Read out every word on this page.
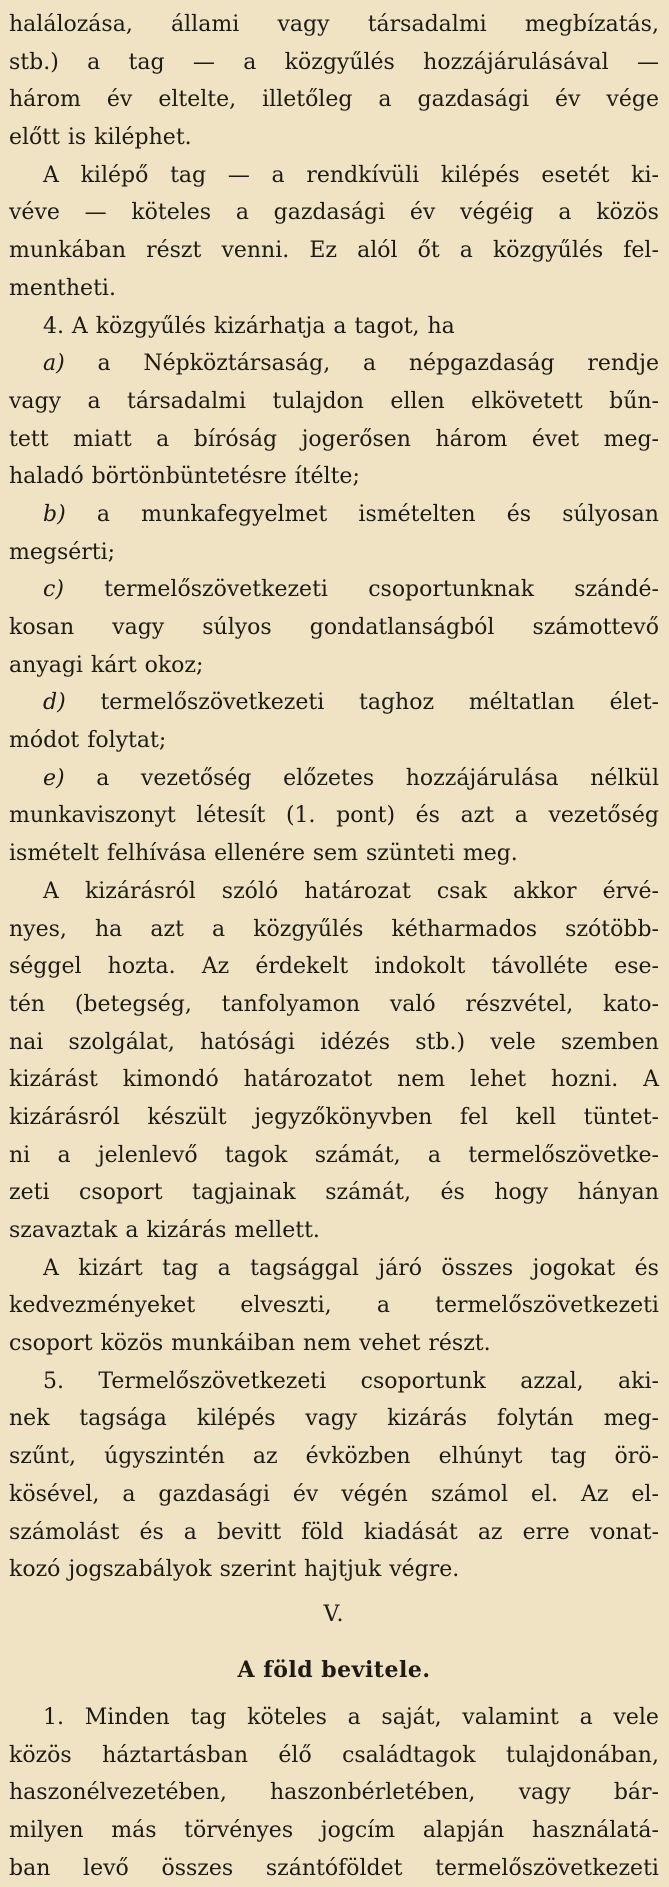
halálozása, állami vagy társadalmi megbízatás,
stb.) a tag — a közgyűlés hozzájárulásával —
három év eltelte, illetőleg a gazdasági év vége
előtt is kiléphet.
A kilépő tag — a rendkívüli kilépés esetét ki-
véve — köteles a gazdasági év végéig a közös
munkában részt venni. Ez alól őt a közgyűlés fel-
mentheti.
4. A közgyűlés kizárhatja a tagot, ha
a) a Népköztársaság, a népgazdaság rendje
vagy a társadalmi tulajdon ellen elkövetett bűn-
tett miatt a bíróság jogerősen három évet meg-
haladó börtönbüntetésre ítélte;
b) a munkafegyelmet ismételten és súlyosan
megsérti;
c) termelőszövetkezeti csoportunknak szándé-
kosan vagy súlyos gondatlanságból számottevő
anyagi kárt okoz;
d) termelőszövetkezeti taghoz méltatlan élet-
módot folytat;
e) a vezetőség előzetes hozzájárulása nélkül
munkaviszonyt létesít (1. pont) és azt a vezetőség
ismételt felhívása ellenére sem szünteti meg.
A kizárásról szóló határozat csak akkor érvé-
nyes, ha azt a közgyűlés kétharmados szótöbb-
séggel hozta. Az érdekelt indokolt távolléte ese-
tén (betegség, tanfolyamon való részvétel, kato-
nai szolgálat, hatósági idézés stb.) vele szemben
kizárást kimondó határozatot nem lehet hozni. A
kizárásról készült jegyzőkönyvben fel kell tüntet-
ni a jelenlevő tagok számát, a termelőszövetke-
zeti csoport tagjainak számát, és hogy hányan
szavaztak a kizárás mellett.
A kizárt tag a tagsággal járó összes jogokat és
kedvezményeket elveszti, a termelőszövetkezeti
csoport közös munkáiban nem vehet részt.
5. Termelőszövetkezeti csoportunk azzal, aki-
nek tagsága kilépés vagy kizárás folytán meg-
szűnt, úgyszintén az évközben elhúnyt tag örö-
kösével, a gazdasági év végén számol el. Az el-
számolást és a bevitt föld kiadását az erre vonat-
kozó jogszabályok szerint hajtjuk végre.
V.
A föld bevitele.
1. Minden tag köteles a saját, valamint a vele
közös háztartásban élő családtagok tulajdonában,
haszonélvezetében, haszonbérletében, vagy bár-
milyen más törvényes jogcím alapján használatá-
ban levő összes szántóföldet termelőszövetkezeti
